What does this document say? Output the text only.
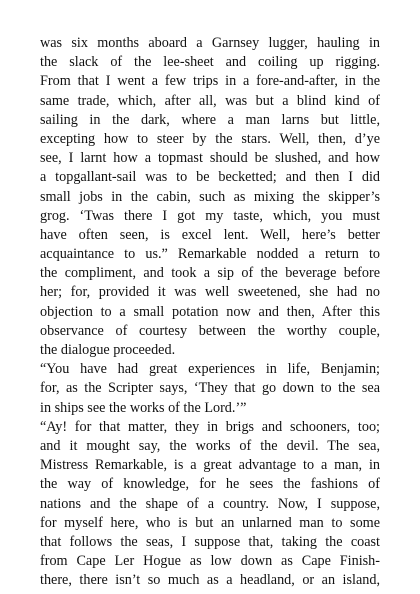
was six months aboard a Garnsey lugger, hauling in
the slack of the lee-sheet and coiling up rigging.
From that I went a few trips in a fore-and-after, in the
same trade, which, after all, was but a blind kind of
sailing in the dark, where a man larns but little,
excepting how to steer by the stars. Well, then, d’ye
see, I larnt how a topmast should be slushed, and how
a topgallant-sail was to be becketted; and then I did
small jobs in the cabin, such as mixing the skipper’s
grog. ‘Twas there I got my taste, which, you must
have often seen, is excel lent. Well, here’s better
acquaintance to us.” Remarkable nodded a return to
the compliment, and took a sip of the beverage before
her; for, provided it was well sweetened, she had no
objection to a small potation now and then, After this
observance of courtesy between the worthy couple,
the dialogue proceeded.
“You have had great experiences in life, Benjamin;
for, as the Scripter says, ‘They that go down to the sea
in ships see the works of the Lord.’”
“Ay! for that matter, they in brigs and schooners, too;
and it mought say, the works of the devil. The sea,
Mistress Remarkable, is a great advantage to a man, in
the way of knowledge, for he sees the fashions of
nations and the shape of a country. Now, I suppose,
for myself here, who is but an unlarned man to some
that follows the seas, I suppose that, taking the coast
from Cape Ler Hogue as low down as Cape Finish-
there, there isn’t so much as a headland, or an island,
